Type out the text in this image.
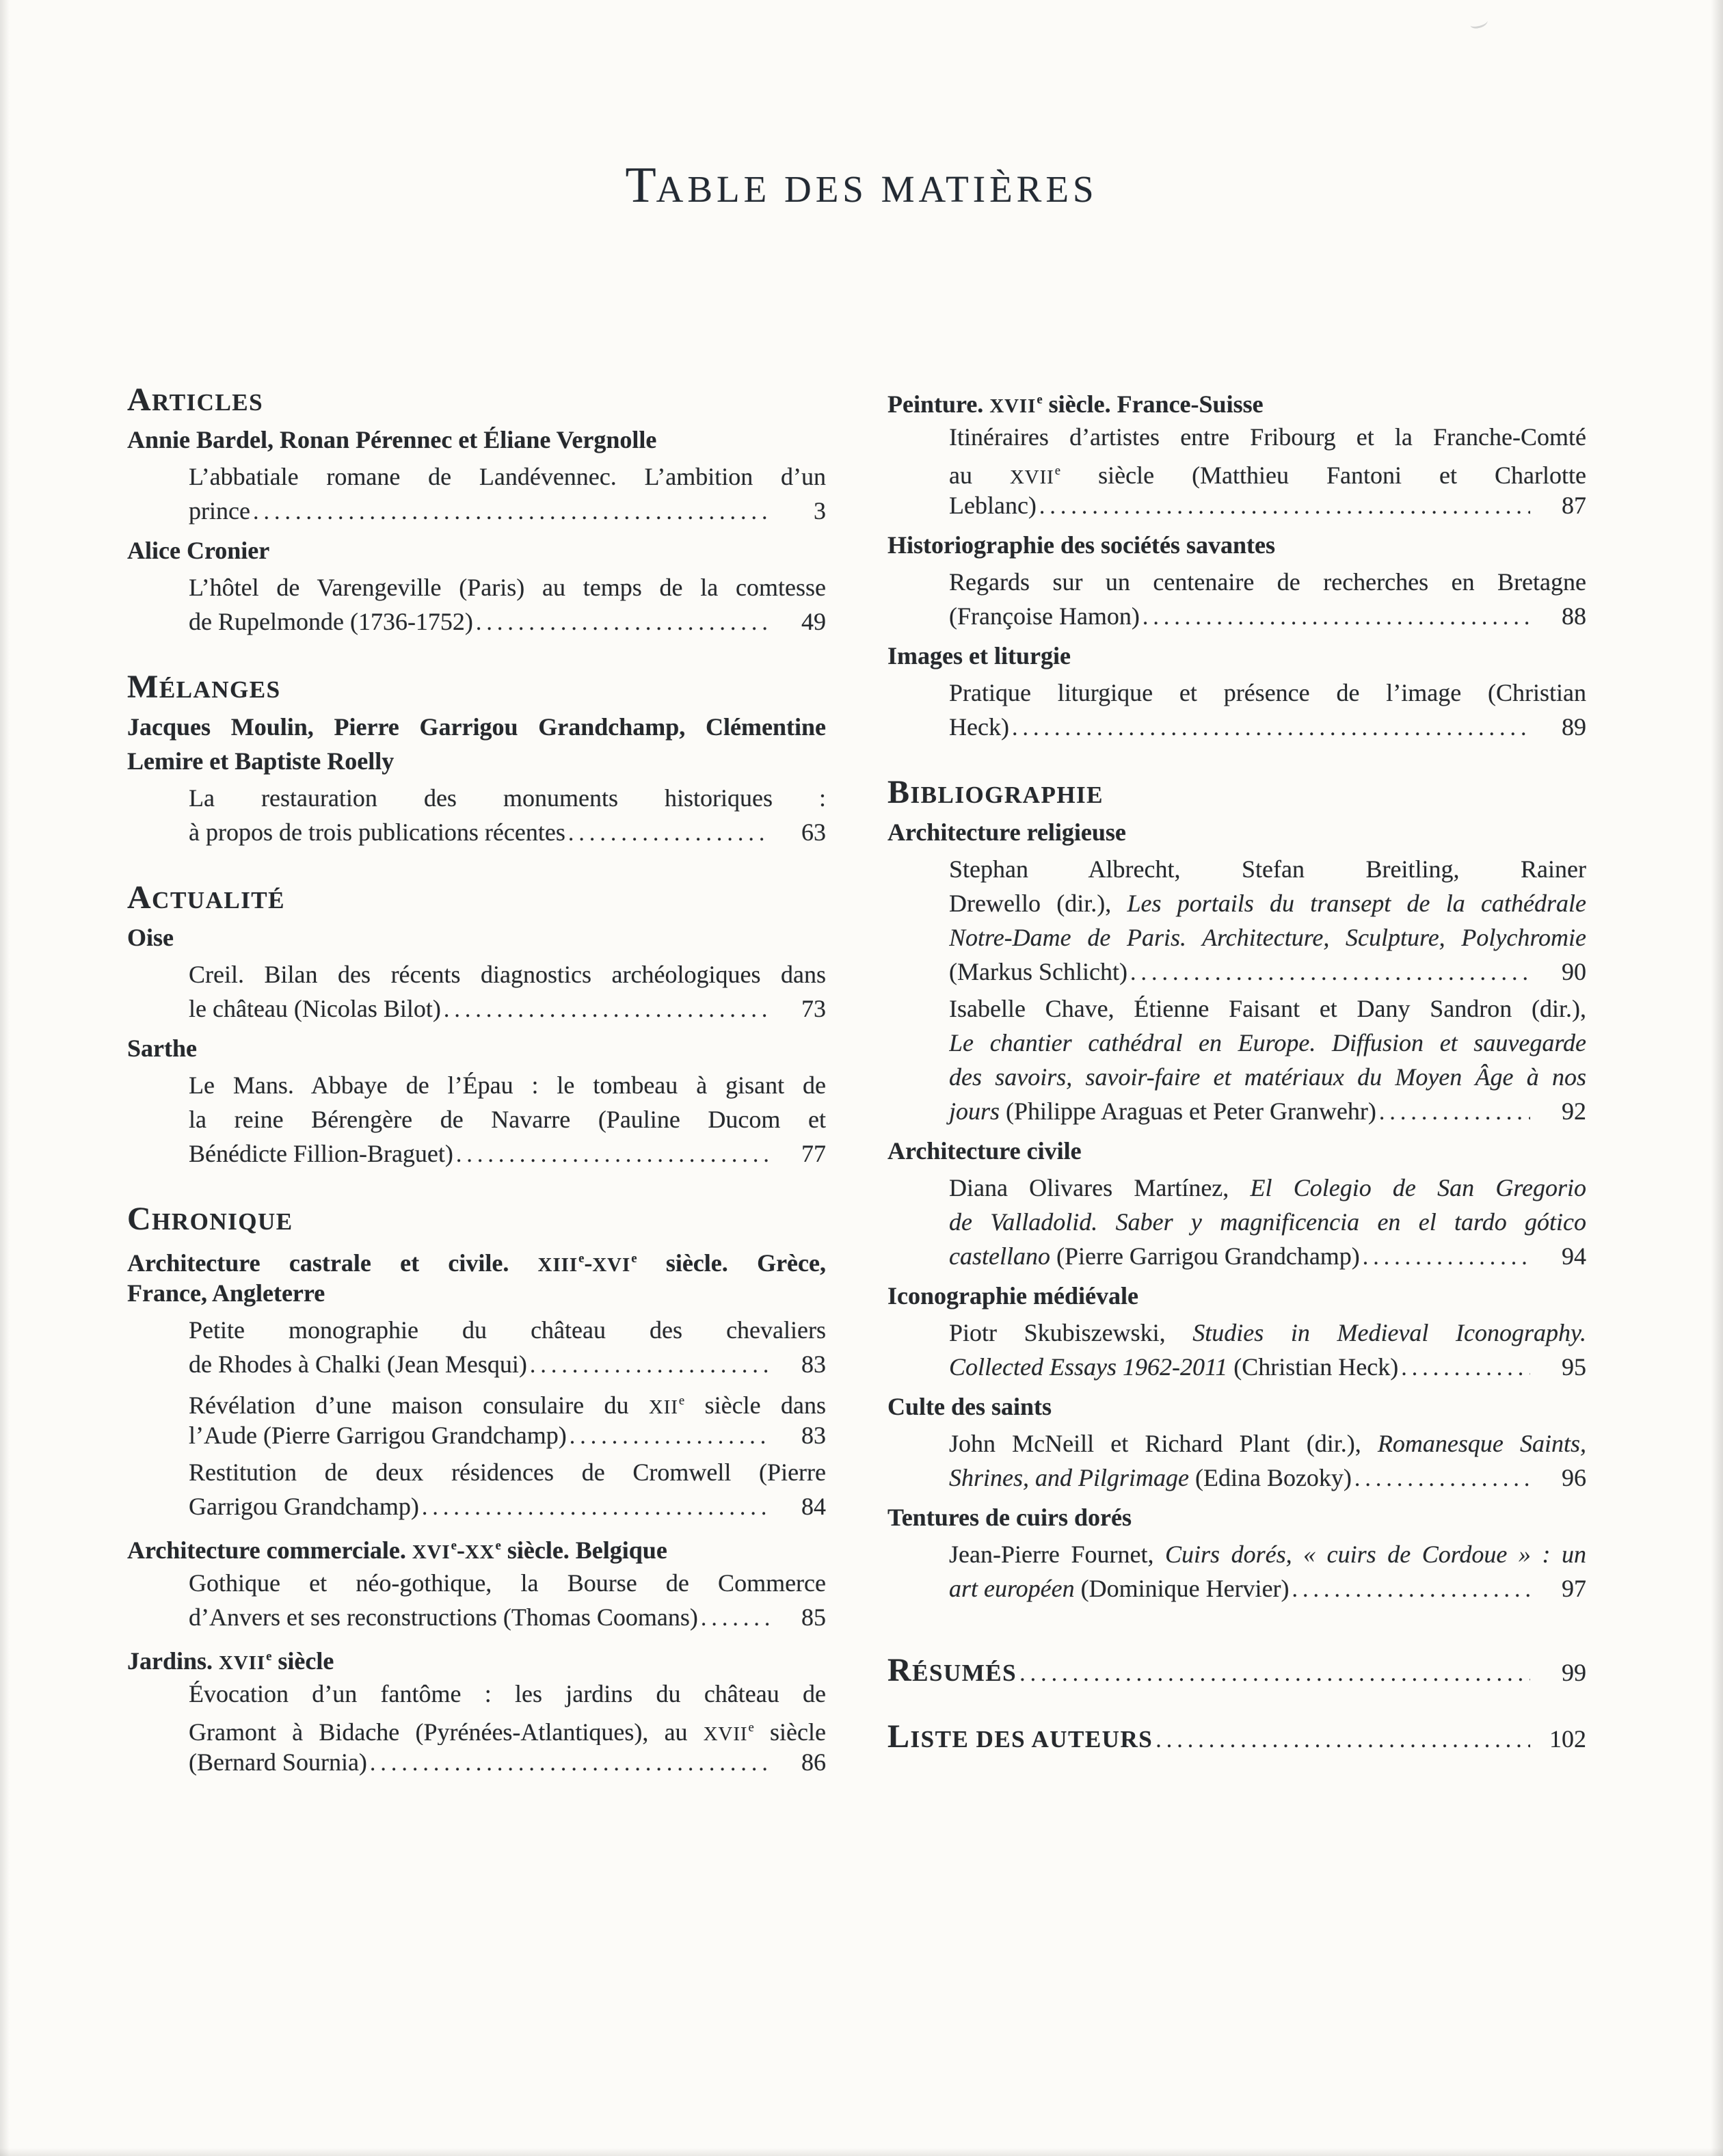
TABLE DES MATIÈRES
ARTICLES
Annie Bardel, Ronan Pérennec et Éliane Vergnolle
L’abbatiale romane de Landévennec. L’ambition d’un
prince .....	3
Alice Cronier
L’hôtel de Varengeville (Paris) au temps de la comtesse
de Rupelmonde (1736-1752) .....	49
MÉLANGES
Jacques Moulin, Pierre Garrigou Grandchamp, Clémentine
Lemire et Baptiste Roelly
La restauration des monuments historiques :
à propos de trois publications récentes .....	63
ACTUALITÉ
Oise
Creil. Bilan des récents diagnostics archéologiques dans
le château (Nicolas Bilot) .....	73
Sarthe
Le Mans. Abbaye de l’Épau : le tombeau à gisant de
la reine Bérengère de Navarre (Pauline Ducom et
Bénédicte Fillion-Braguet) .....	77
CHRONIQUE
Architecture castrale et civile. XIIIe-XVIe siècle. Grèce,
France, Angleterre
Petite monographie du château des chevaliers
de Rhodes à Chalki (Jean Mesqui) .....	83
Révélation d’une maison consulaire du XIIe siècle dans
l’Aude (Pierre Garrigou Grandchamp) .....	83
Restitution de deux résidences de Cromwell (Pierre
Garrigou Grandchamp) .....	84
Architecture commerciale. XVIe-XXe siècle. Belgique
Gothique et néo-gothique, la Bourse de Commerce
d’Anvers et ses reconstructions (Thomas Coomans) .....	85
Jardins. XVIIe siècle
Évocation d’un fantôme : les jardins du château de
Gramont à Bidache (Pyrénées-Atlantiques), au XVIIe siècle
(Bernard Sournia) .....	86
Peinture. XVIIe siècle. France-Suisse
Itinéraires d’artistes entre Fribourg et la Franche-Comté
au XVIIe siècle (Matthieu Fantoni et Charlotte
Leblanc) .....	87
Historiographie des sociétés savantes
Regards sur un centenaire de recherches en Bretagne
(Françoise Hamon) .....	88
Images et liturgie
Pratique liturgique et présence de l’image (Christian
Heck) .....	89
BIBLIOGRAPHIE
Architecture religieuse
Stephan Albrecht, Stefan Breitling, Rainer
Drewello (dir.), Les portails du transept de la cathédrale
Notre-Dame de Paris. Architecture, Sculpture, Polychromie
(Markus Schlicht) .....	90
Isabelle Chave, Étienne Faisant et Dany Sandron (dir.),
Le chantier cathédral en Europe. Diffusion et sauvegarde
des savoirs, savoir-faire et matériaux du Moyen Âge à nos
jours (Philippe Araguas et Peter Granwehr) .....	92
Architecture civile
Diana Olivares Martínez, El Colegio de San Gregorio
de Valladolid. Saber y magnificencia en el tardo gótico
castellano (Pierre Garrigou Grandchamp) .....	94
Iconographie médiévale
Piotr Skubiszewski, Studies in Medieval Iconography.
Collected Essays 1962-2011 (Christian Heck) .....	95
Culte des saints
John McNeill et Richard Plant (dir.), Romanesque Saints,
Shrines, and Pilgrimage (Edina Bozoky) .....	96
Tentures de cuirs dorés
Jean-Pierre Fournet, Cuirs dorés, « cuirs de Cordoue » : un
art européen (Dominique Hervier) .....	97
RÉSUMÉS .....	99
LISTE DES AUTEURS .....	102
